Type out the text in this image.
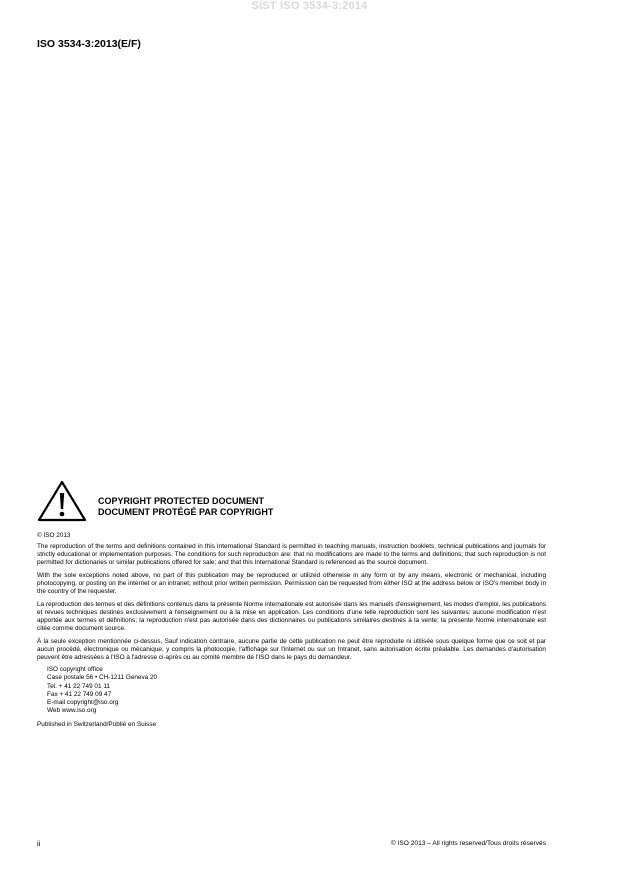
SIST ISO 3534-3:2014
ISO 3534-3:2013(E/F)
COPYRIGHT PROTECTED DOCUMENT
DOCUMENT PROTÉGÉ PAR COPYRIGHT

© ISO 2013

The reproduction of the terms and definitions contained in this International Standard is permitted in teaching manuals, instruction booklets, technical publications and journals for strictly educational or implementation purposes. The conditions for such reproduction are: that no modifications are made to the terms and definitions; that such reproduction is not permitted for dictionaries or similar publications offered for sale; and that this International Standard is referenced as the source document.

With the sole exceptions noted above, no part of this publication may be reproduced or utilized otherwise in any form or by any means, electronic or mechanical, including photocopying, or posting on the internet or an intranet, without prior written permission. Permission can be requested from either ISO at the address below or ISO's member body in the country of the requester.

La reproduction des termes et des définitions contenus dans la présente Norme internationale est autorisée dans les manuels d'enseignement, les modes d'emploi, les publications et revues techniques destinés exclusivement à l'enseignement ou à la mise en application. Les conditions d'une telle reproduction sont les suivantes: aucune modification n'est apportée aux termes et définitions; la reproduction n'est pas autorisée dans des dictionnaires ou publications similaires destinés à la vente; la présente Norme internationale est citée comme document source.

À la seule exception mentionnée ci-dessus, Sauf indication contraire, aucune partie de cette publication ne peut être reproduite ni utilisée sous quelque forme que ce soit et par aucun procédé, électronique ou mécanique, y compris la photocopie, l'affichage sur l'internet ou sur un Intranet, sans autorisation écrite préalable. Les demandes d'autorisation peuvent être adressées à l'ISO à l'adresse ci-après ou au comité membre de l'ISO dans le pays du demandeur.

ISO copyright office
Case postale 56 • CH-1211 Geneva 20
Tel. + 41 22 749 01 11
Fax + 41 22 749 09 47
E-mail copyright@iso.org
Web www.iso.org

Published in Switzerland/Publié en Suisse

ii	© ISO 2013 – All rights reserved/Tous droits réservés
